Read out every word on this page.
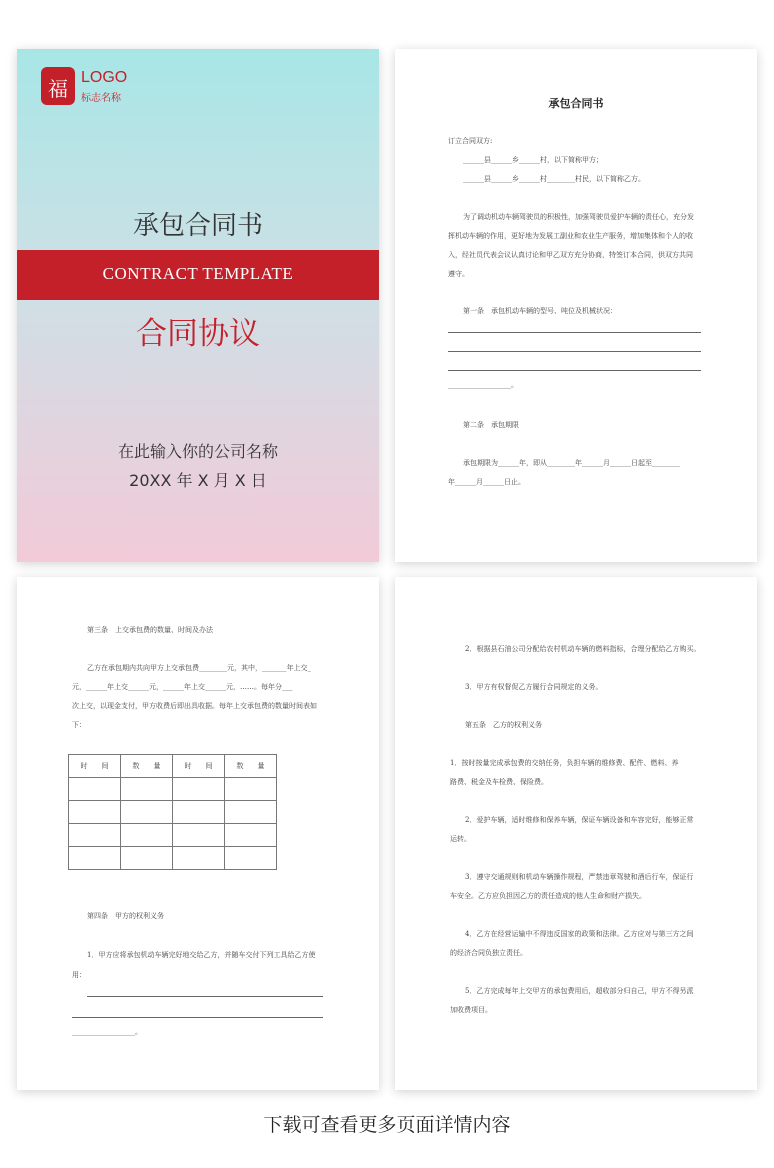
福 LOGO
标志名称
承包合同书
CONTRACT TEMPLATE
合同协议
在此输入你的公司名称
20XX 年 X 月 X 日
承包合同书
订立合同双方:
______县______乡______村，以下简称甲方；
______县______乡______村________村民，以下简称乙方。
为了调动机动车辆驾驶员的积极性，加强驾驶员爱护车辆的责任心，充分发
挥机动车辆的作用，更好地为发展工副业和农业生产服务，增加集体和个人的收
入，经社员代表会议认真讨论和甲乙双方充分协商，特签订本合同，供双方共同
遵守。
第一条　承包机动车辆的型号、吨位及机械状况：
__________________。
第二条　承包期限
承包期限为______年，即从________年______月______日起至________
年______月______日止。
第三条　上交承包费的数量、时间及办法
乙方在承包期内共向甲方上交承包费________元，其中，_______年上交_
元，______年上交______元，______年上交______元，……。每年分___
次上交，以现金支付，甲方收费后即出具收据。每年上交承包费的数量时间表如
下：
时　　间	数　　量	时　　间	数　　量

第四条　甲方的权利义务
1．甲方应将承包机动车辆完好地交给乙方，并随车交付下列工具给乙方使
用：
__________________。
2．根据县石油公司分配给农村机动车辆的燃料指标，合理分配给乙方购买。
3．甲方有权督促乙方履行合同规定的义务。
第五条　乙方的权利义务
1．按时按量完成承包费的交纳任务，负担车辆的维修费、配件、燃料、养
路费、税金及车检费、保险费。
2．爱护车辆，适时维修和保养车辆，保证车辆设备和车容完好，能够正常
运转。
3．遵守交通规则和机动车辆操作规程，严禁违章驾驶和酒后行车，保证行
车安全。乙方应负担因乙方的责任造成的他人生命和财产损失。
4．乙方在经营运输中不得违反国家的政策和法律。乙方应对与第三方之间
的经济合同负独立责任。
5．乙方完成每年上交甲方的承包费用后，超收部分归自己，甲方不得另派
加收费项目。
下载可查看更多页面详情内容
